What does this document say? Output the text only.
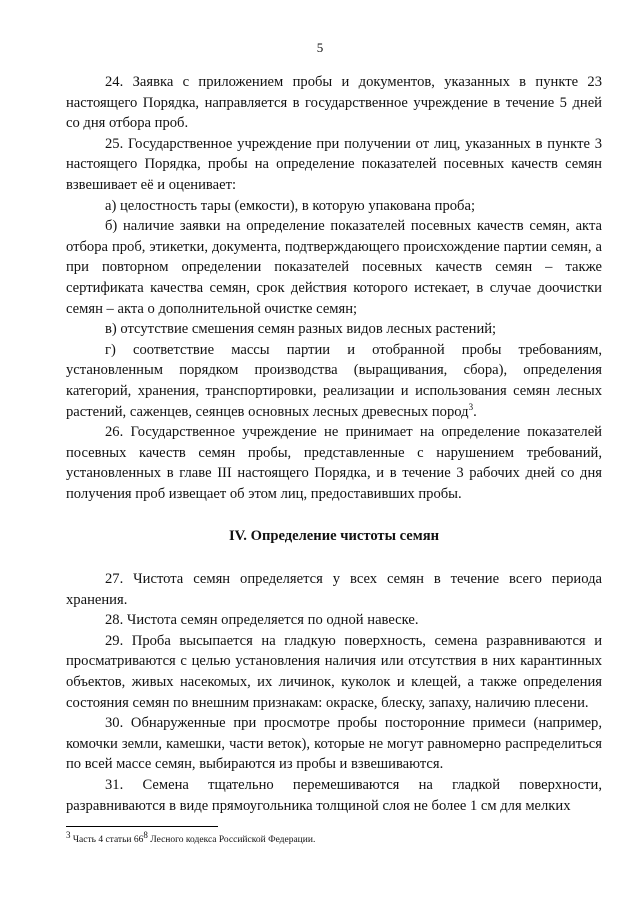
5

24. Заявка с приложением пробы и документов, указанных в пункте 23 настоящего Порядка, направляется в государственное учреждение в течение 5 дней со дня отбора проб.

25. Государственное учреждение при получении от лиц, указанных в пункте 3 настоящего Порядка, пробы на определение показателей посевных качеств семян взвешивает её и оценивает:

а) целостность тары (емкости), в которую упакована проба;

б) наличие заявки на определение показателей посевных качеств семян, акта отбора проб, этикетки, документа, подтверждающего происхождение партии семян, а при повторном определении показателей посевных качеств семян – также сертификата качества семян, срок действия которого истекает, в случае доочистки семян – акта о дополнительной очистке семян;

в) отсутствие смешения семян разных видов лесных растений;

г) соответствие массы партии и отобранной пробы требованиям, установленным порядком производства (выращивания, сбора), определения категорий, хранения, транспортировки, реализации и использования семян лесных растений, саженцев, сеянцев основных лесных древесных пород$^3$.

26. Государственное учреждение не принимает на определение показателей посевных качеств семян пробы, представленные с нарушением требований, установленных в главе III настоящего Порядка, и в течение 3 рабочих дней со дня получения проб извещает об этом лиц, предоставивших пробы.

IV. Определение чистоты семян

27. Чистота семян определяется у всех семян в течение всего периода хранения.

28. Чистота семян определяется по одной навеске.

29. Проба высыпается на гладкую поверхность, семена разравниваются и просматриваются с целью установления наличия или отсутствия в них карантинных объектов, живых насекомых, их личинок, куколок и клещей, а также определения состояния семян по внешним признакам: окраске, блеску, запаху, наличию плесени.

30. Обнаруженные при просмотре пробы посторонние примеси (например, комочки земли, камешки, части веток), которые не могут равномерно распределиться по всей массе семян, выбираются из пробы и взвешиваются.

31. Семена тщательно перемешиваются на гладкой поверхности, разравниваются в виде прямоугольника толщиной слоя не более 1 см для мелких

$^3$ Часть 4 статьи $66^8$ Лесного кодекса Российской Федерации.
